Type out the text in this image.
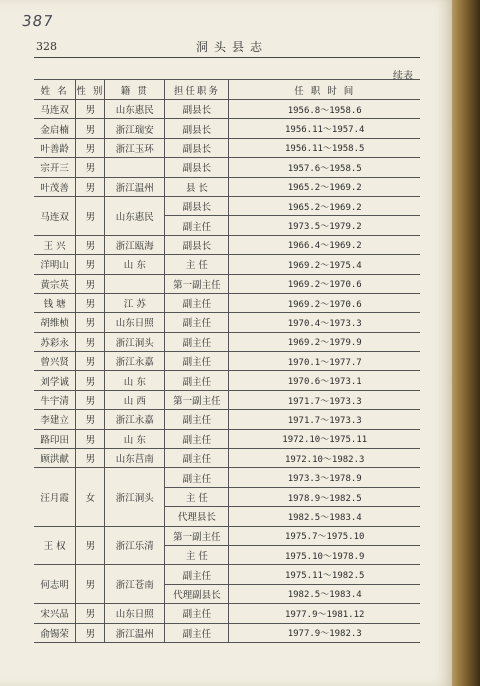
387
328	洞头县志
续表
姓 名	性 别	籍 贯	担任职务	任 职 时 间
马连双	男	山东惠民	副县长	1956.8～1958.6
金启楠	男	浙江瑞安	副县长	1956.11～1957.4
叶善龄	男	浙江玉环	副县长	1956.11～1958.5
宗开三	男		副县长	1957.6～1958.5
叶茂善	男	浙江温州	县 长	1965.2～1969.2
马连双	男	山东惠民	副县长	1965.2～1969.2
			副主任	1973.5～1979.2
王 兴	男	浙江瓯海	副县长	1966.4～1969.2
洋明山	男	山 东	主 任	1969.2～1975.4
黄宗英	男		第一副主任	1969.2～1970.6
钱 塘	男	江 苏	副主任	1969.2～1970.6
胡维桢	男	山东日照	副主任	1970.4～1973.3
苏彩永	男	浙江洞头	副主任	1969.2～1979.9
曾兴贤	男	浙江永嘉	副主任	1970.1～1977.7
刘学诚	男	山 东	副主任	1970.6～1973.1
牛宇清	男	山 西	第一副主任	1971.7～1973.3
李建立	男	浙江永嘉	副主任	1971.7～1973.3
路印田	男	山 东	副主任	1972.10～1975.11
顾洪献	男	山东莒南	副主任	1972.10～1982.3
汪月霞	女	浙江洞头	副主任	1973.3～1978.9
			主 任	1978.9～1982.5
			代理县长	1982.5～1983.4
王 权	男	浙江乐清	第一副主任	1975.7～1975.10
			主 任	1975.10～1978.9
何志明	男	浙江苍南	副主任	1975.11～1982.5
			代理副县长	1982.5～1983.4
宋兴品	男	山东日照	副主任	1977.9～1981.12
俞锡荣	男	浙江温州	副主任	1977.9～1982.3
